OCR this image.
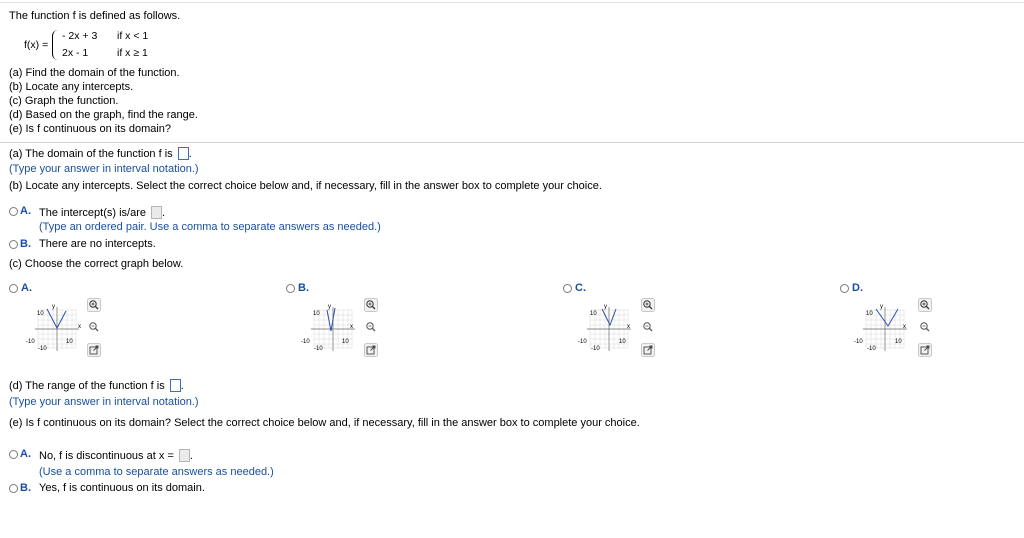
The function f is defined as follows.
f(x) =
- 2x + 3 if x < 1
2x - 1	if x ≥ 1
(a) Find the domain of the function.
(b) Locate any intercepts.
(c) Graph the function.
(d) Based on the graph, find the range.
(e) Is f continuous on its domain?
(a) The domain of the function f is .
(Type your answer in interval notation.)
(b) Locate any intercepts. Select the correct choice below and, if necessary, fill in the answer box to complete your choice.
A. The intercept(s) is/are .
(Type an ordered pair. Use a comma to separate answers as needed.)
B. There are no intercepts.
(c) Choose the correct graph below.
A.
y
10
x
-10	10
-10
B.
y
10
x
-10	10
-10
C.
y
10
x
-10	10
-10
D.
y
10
x
-10	10
-10
(d) The range of the function f is .
(Type your answer in interval notation.)
(e) Is f continuous on its domain? Select the correct choice below and, if necessary, fill in the answer box to complete your choice.
A. No, f is discontinuous at x = .
(Use a comma to separate answers as needed.)
B. Yes, f is continuous on its domain.
